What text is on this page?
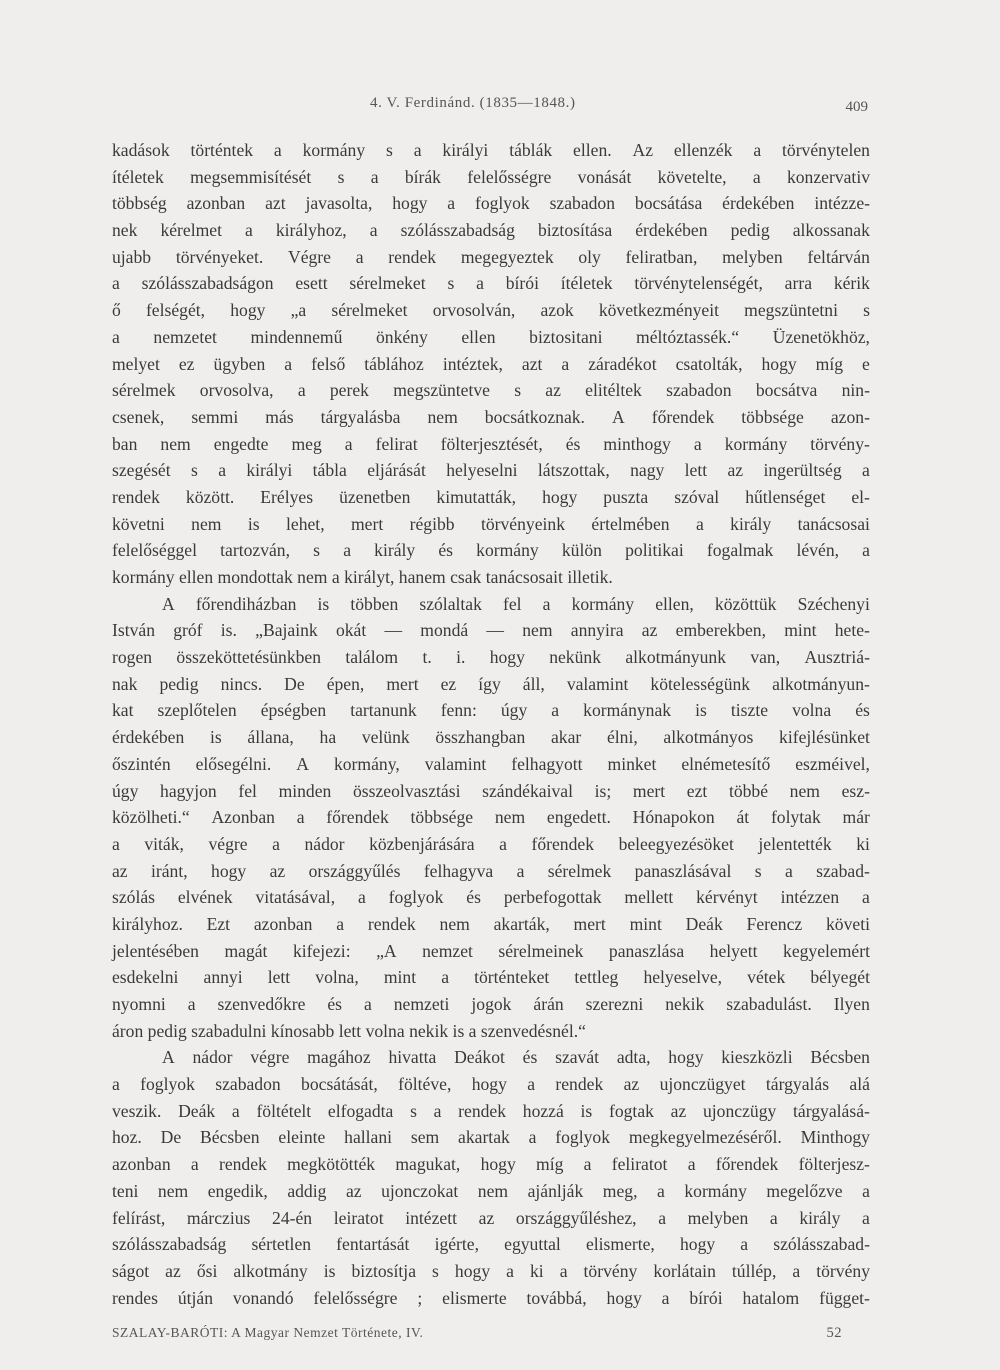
4. V. Ferdinánd. (1835—1848.)	409
kadások történtek a kormány s a királyi táblák ellen. Az ellenzék a törvénytelen
ítéletek megsemmisítését s a bírák felelősségre vonását követelte, a konzervativ
többség azonban azt javasolta, hogy a foglyok szabadon bocsátása érdekében intézze-
nek kérelmet a királyhoz, a szólásszabadság biztosítása érdekében pedig alkossanak
ujabb törvényeket. Végre a rendek megegyeztek oly feliratban, melyben feltárván
a szólásszabadságon esett sérelmeket s a bírói ítéletek törvénytelenségét, arra kérik
ő felségét, hogy „a sérelmeket orvosolván, azok következményeit megszüntetni s
a nemzetet mindennemű önkény ellen biztositani méltóztassék.“ Üzenetökhöz,
melyet ez ügyben a felső táblához intéztek, azt a záradékot csatolták, hogy míg e
sérelmek orvosolva, a perek megszüntetve s az elitéltek szabadon bocsátva nin-
csenek, semmi más tárgyalásba nem bocsátkoznak. A főrendek többsége azon-
ban nem engedte meg a felirat fölterjesztését, és minthogy a kormány törvény-
szegését s a királyi tábla eljárását helyeselni látszottak, nagy lett az ingerültség a
rendek között. Erélyes üzenetben kimutatták, hogy puszta szóval hűtlenséget el-
követni nem is lehet, mert régibb törvényeink értelmében a király tanácsosai
felelőséggel tartozván, s a király és kormány külön politikai fogalmak lévén, a
kormány ellen mondottak nem a királyt, hanem csak tanácsosait illetik.
A főrendiházban is többen szólaltak fel a kormány ellen, közöttük Széchenyi
István gróf is. „Bajaink okát — mondá — nem annyira az emberekben, mint hete-
rogen összeköttetésünkben találom t. i. hogy nekünk alkotmányunk van, Ausztriá-
nak pedig nincs. De épen, mert ez így áll, valamint kötelességünk alkotmányun-
kat szeplőtelen épségben tartanunk fenn: úgy a kormánynak is tiszte volna és
érdekében is állana, ha velünk összhangban akar élni, alkotmányos kifejlésünket
őszintén elősegélni. A kormány, valamint felhagyott minket elnémetesítő eszméivel,
úgy hagyjon fel minden összeolvasztási szándékaival is; mert ezt többé nem esz-
közölheti.“ Azonban a főrendek többsége nem engedett. Hónapokon át folytak már
a viták, végre a nádor közbenjárására a főrendek beleegyezésöket jelentették ki
az iránt, hogy az országgyűlés felhagyva a sérelmek panaszlásával s a szabad-
szólás elvének vitatásával, a foglyok és perbefogottak mellett kérvényt intézzen a
királyhoz. Ezt azonban a rendek nem akarták, mert mint Deák Ferencz követi
jelentésében magát kifejezi: „A nemzet sérelmeinek panaszlása helyett kegyelemért
esdekelni annyi lett volna, mint a történteket tettleg helyeselve, vétek bélyegét
nyomni a szenvedőkre és a nemzeti jogok árán szerezni nekik szabadulást. Ilyen
áron pedig szabadulni kínosabb lett volna nekik is a szenvedésnél.“
A nádor végre magához hivatta Deákot és szavát adta, hogy kieszközli Bécsben
a foglyok szabadon bocsátását, föltéve, hogy a rendek az ujonczügyet tárgyalás alá
veszik. Deák a föltételt elfogadta s a rendek hozzá is fogtak az ujonczügy tárgyalásá-
hoz. De Bécsben eleinte hallani sem akartak a foglyok megkegyelmezéséről. Minthogy
azonban a rendek megkötötték magukat, hogy míg a feliratot a főrendek fölterjesz-
teni nem engedik, addig az ujonczokat nem ajánlják meg, a kormány megelőzve a
felírást, márczius 24-én leiratot intézett az országgyűléshez, a melyben a király a
szólásszabadság sértetlen fentartását igérte, egyuttal elismerte, hogy a szólásszabad-
ságot az ősi alkotmány is biztosítja s hogy a ki a törvény korlátain túllép, a törvény
rendes útján vonandó felelősségre ; elismerte továbbá, hogy a bírói hatalom függet-
SZALAY-BARÓTI: A Magyar Nemzet Története, IV.	52
